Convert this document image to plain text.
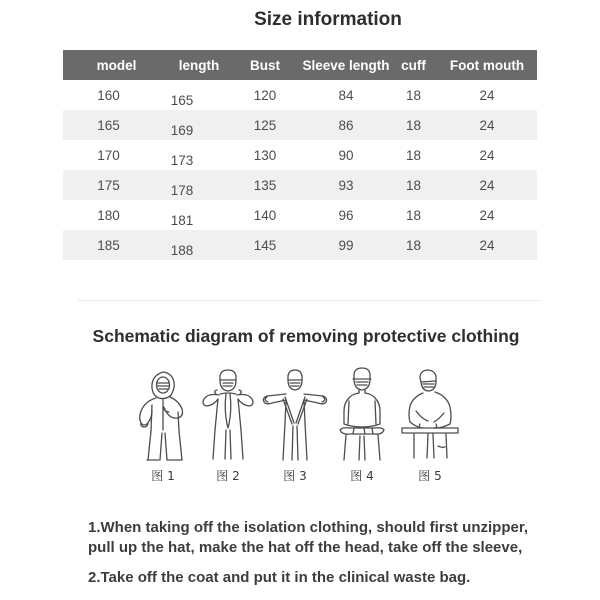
Size information
model	length	Bust	Sleeve length	cuff	Foot mouth
160	165	120	84	18	24
165	169	125	86	18	24
170	173	130	90	18	24
175	178	135	93	18	24
180	181	140	96	18	24
185	188	145	99	18	24
Schematic diagram of removing protective clothing
图 1	图 2	图 3	图 4	图 5
1.When taking off the isolation clothing, should first unzipper,
pull up the hat, make the hat off the head, take off the sleeve,
2.Take off the coat and put it in the clinical waste bag.
